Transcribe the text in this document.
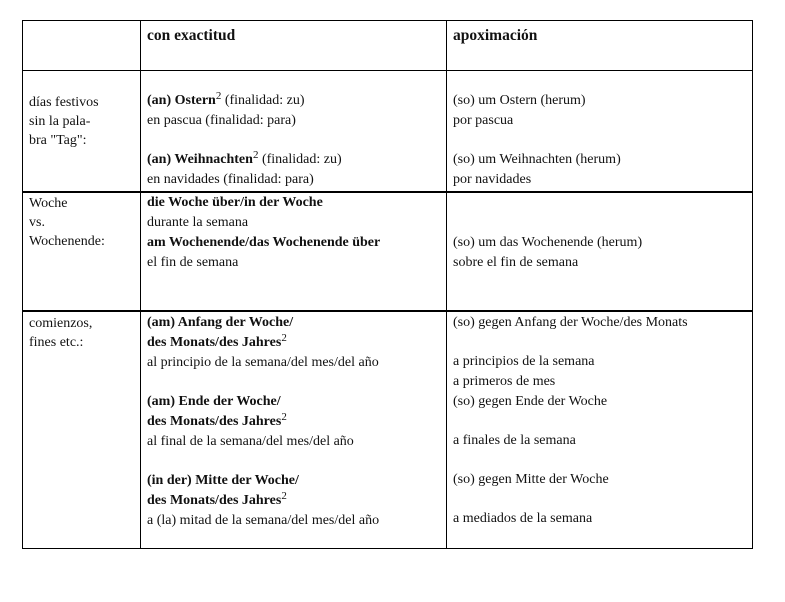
con exactitud	apoximación
días festivos
sin la pala-
bra "Tag":
(an) Ostern$^2$ (finalidad: zu)
en pascua (finalidad: para)
(an) Weihnachten$^2$ (finalidad: zu)
en navidades (finalidad: para)
(so) um Ostern (herum)
por pascua
(so) um Weihnachten (herum)
por navidades
Woche
vs.
Wochenende:
die Woche über/in der Woche
durante la semana
am Wochenende/das Wochenende über
el fin de semana
(so) um das Wochenende (herum)
sobre el fin de semana
comienzos,
fines etc.:
(am) Anfang der Woche/
des Monats/des Jahres$^2$
al principio de la semana/del mes/del año
(am) Ende der Woche/
des Monats/des Jahres$^2$
al final de la semana/del mes/del año
(in der) Mitte der Woche/
des Monats/des Jahres$^2$
a (la) mitad de la semana/del mes/del año
(so) gegen Anfang der Woche/des Monats
a principios de la semana
a primeros de mes
(so) gegen Ende der Woche
a finales de la semana
(so) gegen Mitte der Woche
a mediados de la semana
